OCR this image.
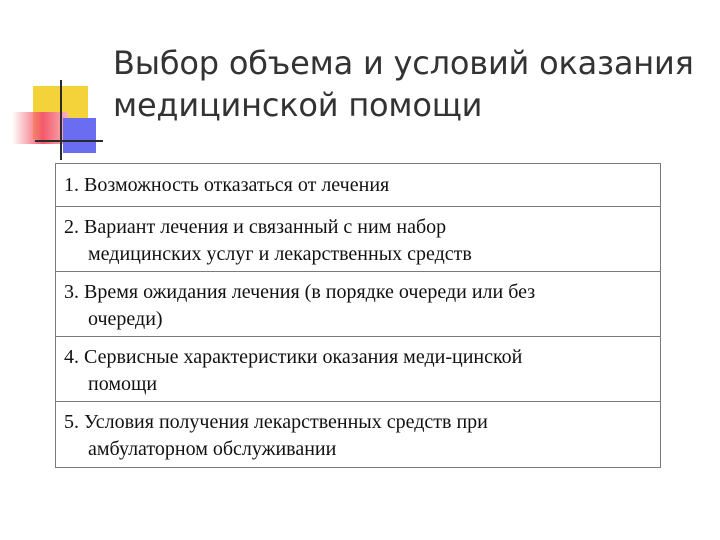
Выбор объема и условий оказания
медицинской помощи
1. Возможность отказаться от лечения
2. Вариант лечения и связанный с ним набор
медицинских услуг и лекарственных средств
3. Время ожидания лечения (в порядке очереди или без
очереди)
4. Сервисные характеристики оказания меди-цинской
помощи
5. Условия получения лекарственных средств при
амбулаторном обслуживании
